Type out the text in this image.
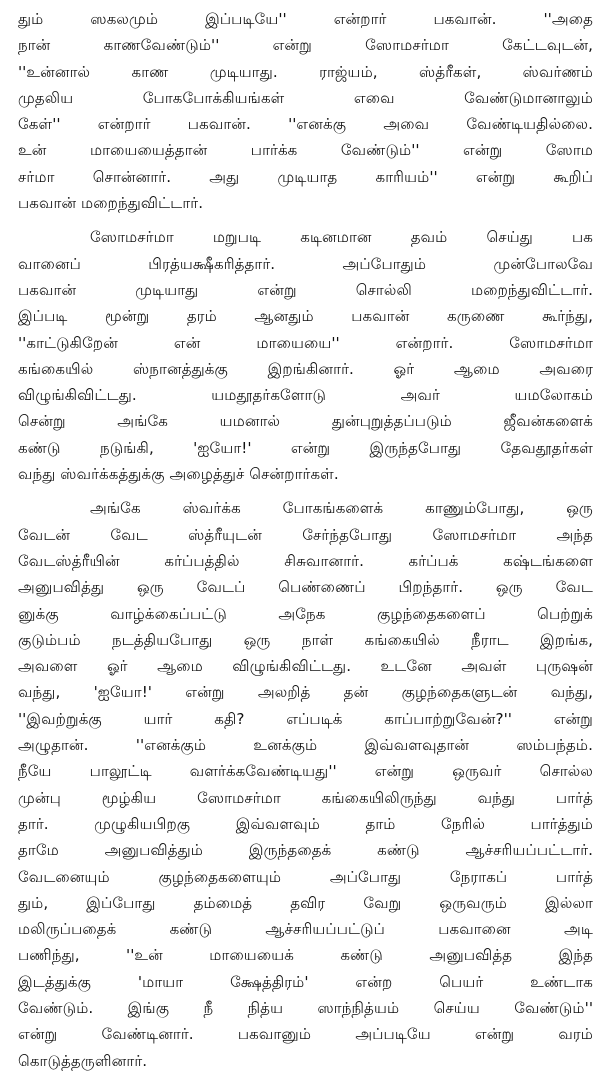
தும் ஸகலமும் இப்படியே'' என்றார் பகவான். ''அதை
நான் காணவேண்டும்'' என்று ஸோமசர்மா கேட்டவுடன்,
''உன்னால் காண முடியாது. ராஜ்யம், ஸ்த்ரீகள், ஸ்வர்ணம்
முதலிய போகபோக்கியங்கள் எவை வேண்டுமானாலும்
கேள்'' என்றார் பகவான். ''எனக்கு அவை வேண்டியதில்லை.
உன் மாயையைத்தான் பார்க்க வேண்டும்'' என்று ஸோம
சர்மா சொன்னார். அது முடியாத காரியம்'' என்று கூறிப்
பகவான் மறைந்துவிட்டார்.
ஸோமசர்மா மறுபடி கடினமான தவம் செய்து பக
வானைப் பிரத்யக்ஷீகரித்தார். அப்போதும் முன்போலவே
பகவான் முடியாது என்று சொல்லி மறைந்துவிட்டார்.
இப்படி மூன்று தரம் ஆனதும் பகவான் கருணை கூர்ந்து,
''காட்டுகிறேன் என் மாயையை'' என்றார். ஸோமசர்மா
கங்கையில் ஸ்நானத்துக்கு இறங்கினார். ஓர் ஆமை அவரை
விழுங்கிவிட்டது. யமதூதர்களோடு அவர் யமலோகம்
சென்று அங்கே யமனால் துன்புறுத்தப்படும் ஜீவன்களைக்
கண்டு நடுங்கி, 'ஐயோ!' என்று இருந்தபோது தேவதூதர்கள்
வந்து ஸ்வர்க்கத்துக்கு அழைத்துச் சென்றார்கள்.
அங்கே ஸ்வர்க்க போகங்களைக் காணும்போது, ஒரு
வேடன் வேட ஸ்த்ரீயுடன் சேர்ந்தபோது ஸோமசர்மா அந்த
வேடஸ்த்ரீயின் கர்ப்பத்தில் சிசுவானார். கர்ப்பக் கஷ்டங்களை
அனுபவித்து ஒரு வேடப் பெண்ணைப் பிறந்தார். ஒரு வேட
னுக்கு வாழ்க்கைப்பட்டு அநேக குழந்தைகளைப் பெற்றுக்
குடும்பம் நடத்தியபோது ஒரு நாள் கங்கையில் நீராட இறங்க,
அவளை ஓர் ஆமை விழுங்கிவிட்டது. உடனே அவள் புருஷன்
வந்து, 'ஐயோ!' என்று அலறித் தன் குழந்தைகளுடன் வந்து,
''இவற்றுக்கு யார் கதி? எப்படிக் காப்பாற்றுவேன்?'' என்று
அழுதான். ''எனக்கும் உனக்கும் இவ்வளவுதான் ஸம்பந்தம்.
நீயே பாலூட்டி வளர்க்கவேண்டியது'' என்று ஒருவர் சொல்ல
முன்பு மூழ்கிய ஸோமசர்மா கங்கையிலிருந்து வந்து பார்த்
தார். முழுகியபிறகு இவ்வளவும் தாம் நேரில் பார்த்தும்
தாமே அனுபவித்தும் இருந்ததைக் கண்டு ஆச்சரியப்பட்டார்.
வேடனையும் குழந்தைகளையும் அப்போது நேராகப் பார்த்
தும், இப்போது தம்மைத் தவிர வேறு ஒருவரும் இல்லா
மலிருப்பதைக் கண்டு ஆச்சரியப்பட்டுப் பகவானை அடி
பணிந்து, ''உன் மாயையைக் கண்டு அனுபவித்த இந்த
இடத்துக்கு 'மாயா க்ஷேத்திரம்' என்ற பெயர் உண்டாக
வேண்டும். இங்கு நீ நித்ய ஸாந்நித்யம் செய்ய வேண்டும்''
என்று வேண்டினார். பகவானும் அப்படியே என்று வரம்
கொடுத்தருளினார்.
